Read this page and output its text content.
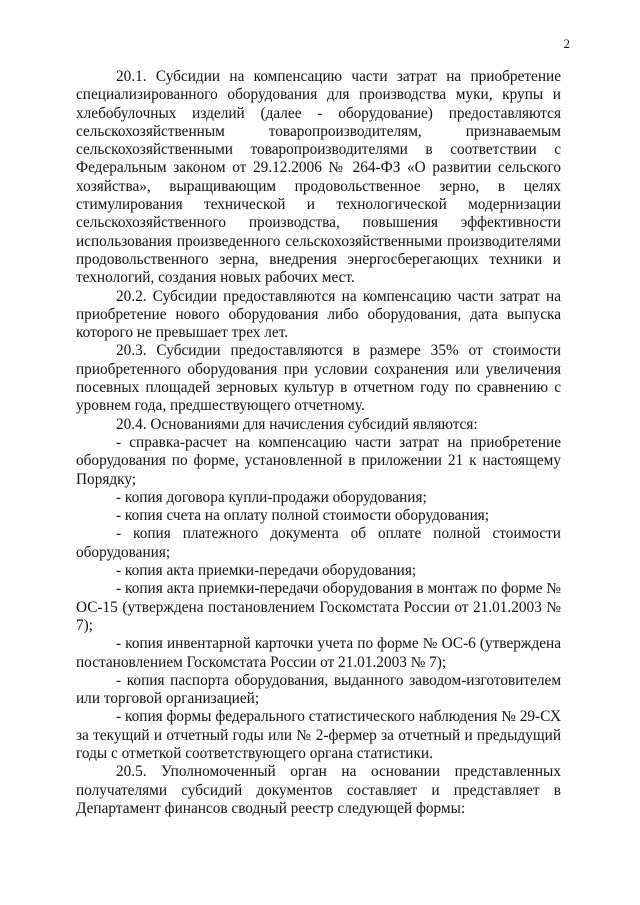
2

20.1. Субсидии на компенсацию части затрат на приобретение специализированного оборудования для производства муки, крупы и хлебобулочных изделий (далее - оборудование) предоставляются сельскохозяйственным товаропроизводителям, признаваемым сельскохозяйственными товаропроизводителями в соответствии с Федеральным законом от 29.12.2006 № 264-ФЗ «О развитии сельского хозяйства», выращивающим продовольственное зерно, в целях стимулирования технической и технологической модернизации сельскохозяйственного производства, повышения эффективности использования произведенного сельскохозяйственными производителями продовольственного зерна, внедрения энергосберегающих техники и технологий, создания новых рабочих мест.

20.2. Субсидии предоставляются на компенсацию части затрат на приобретение нового оборудования либо оборудования, дата выпуска которого не превышает трех лет.

20.3. Субсидии предоставляются в размере 35% от стоимости приобретенного оборудования при условии сохранения или увеличения посевных площадей зерновых культур в отчетном году по сравнению с уровнем года, предшествующего отчетному.

20.4. Основаниями для начисления субсидий являются:

- справка-расчет на компенсацию части затрат на приобретение оборудования по форме, установленной в приложении 21 к настоящему Порядку;

- копия договора купли-продажи оборудования;

- копия счета на оплату полной стоимости оборудования;

- копия платежного документа об оплате полной стоимости оборудования;

- копия акта приемки-передачи оборудования;

- копия акта приемки-передачи оборудования в монтаж по форме № ОС-15 (утверждена постановлением Госкомстата России от 21.01.2003 № 7);

- копия инвентарной карточки учета по форме № ОС-6 (утверждена постановлением Госкомстата России от 21.01.2003 № 7);

- копия паспорта оборудования, выданного заводом-изготовителем или торговой организацией;

- копия формы федерального статистического наблюдения № 29-СХ за текущий и отчетный годы или № 2-фермер за отчетный и предыдущий годы с отметкой соответствующего органа статистики.

20.5. Уполномоченный орган на основании представленных получателями субсидий документов составляет и представляет в Департамент финансов сводный реестр следующей формы:
